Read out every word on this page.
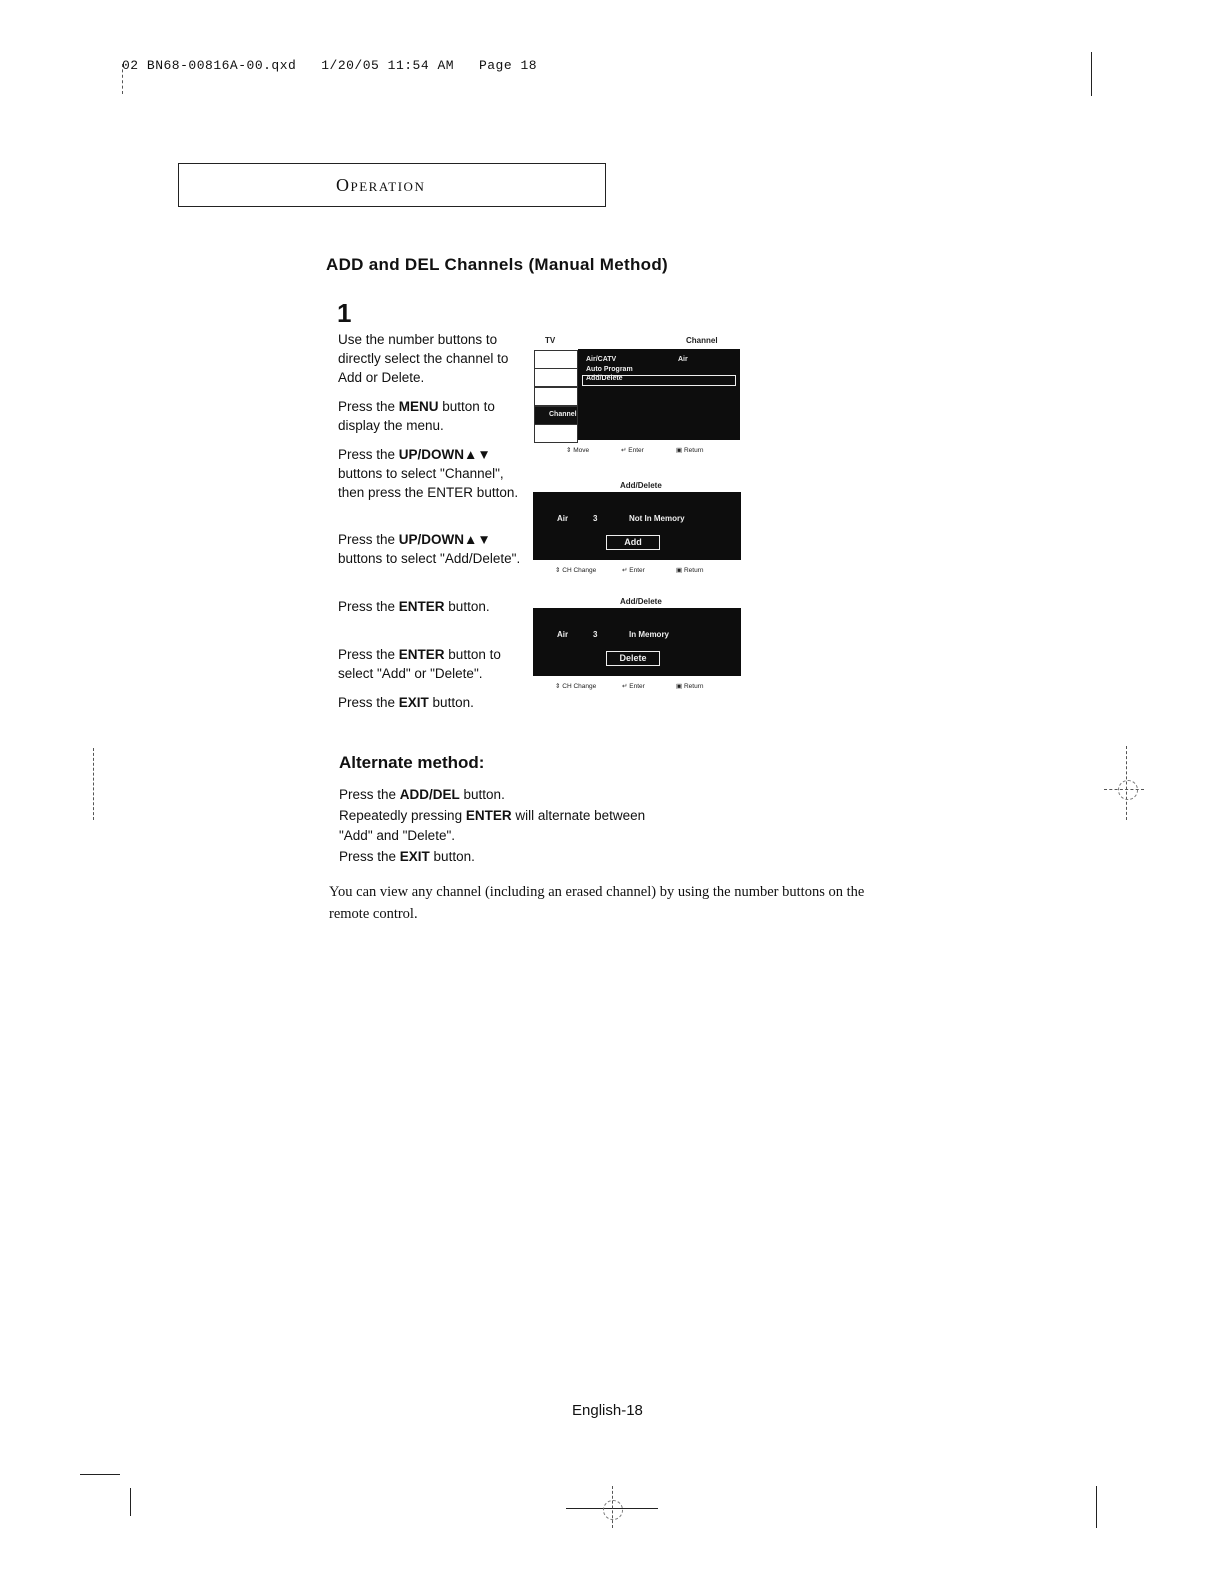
02 BN68-00816A-00.qxd   1/20/05 11:54 AM   Page 18
Operation
ADD and DEL Channels (Manual Method)
1
Use the number buttons to directly select the channel to Add or Delete.
Press the MENU button to display the menu.
Press the UP/DOWN▲▼ buttons to select "Channel", then press the ENTER button.
Press the UP/DOWN▲▼ buttons to select "Add/Delete".
Press the ENTER button.
Press the ENTER button to select "Add" or "Delete".
Press the EXIT button.
TV	Channel
Channel
Air/CATV	Air
Auto Program
Add/Delete
⇕ Move	↵ Enter	▣ Return
Add/Delete
Air	3	Not In Memory
Add
⇕ CH Change	↵ Enter	▣ Return
Add/Delete
Air	3	In Memory
Delete
⇕ CH Change	↵ Enter	▣ Return
Alternate method:
Press the ADD/DEL button.
Repeatedly pressing ENTER will alternate between
"Add" and "Delete".
Press the EXIT button.
You can view any channel (including an erased channel) by using the number buttons on the remote control.
English-18
